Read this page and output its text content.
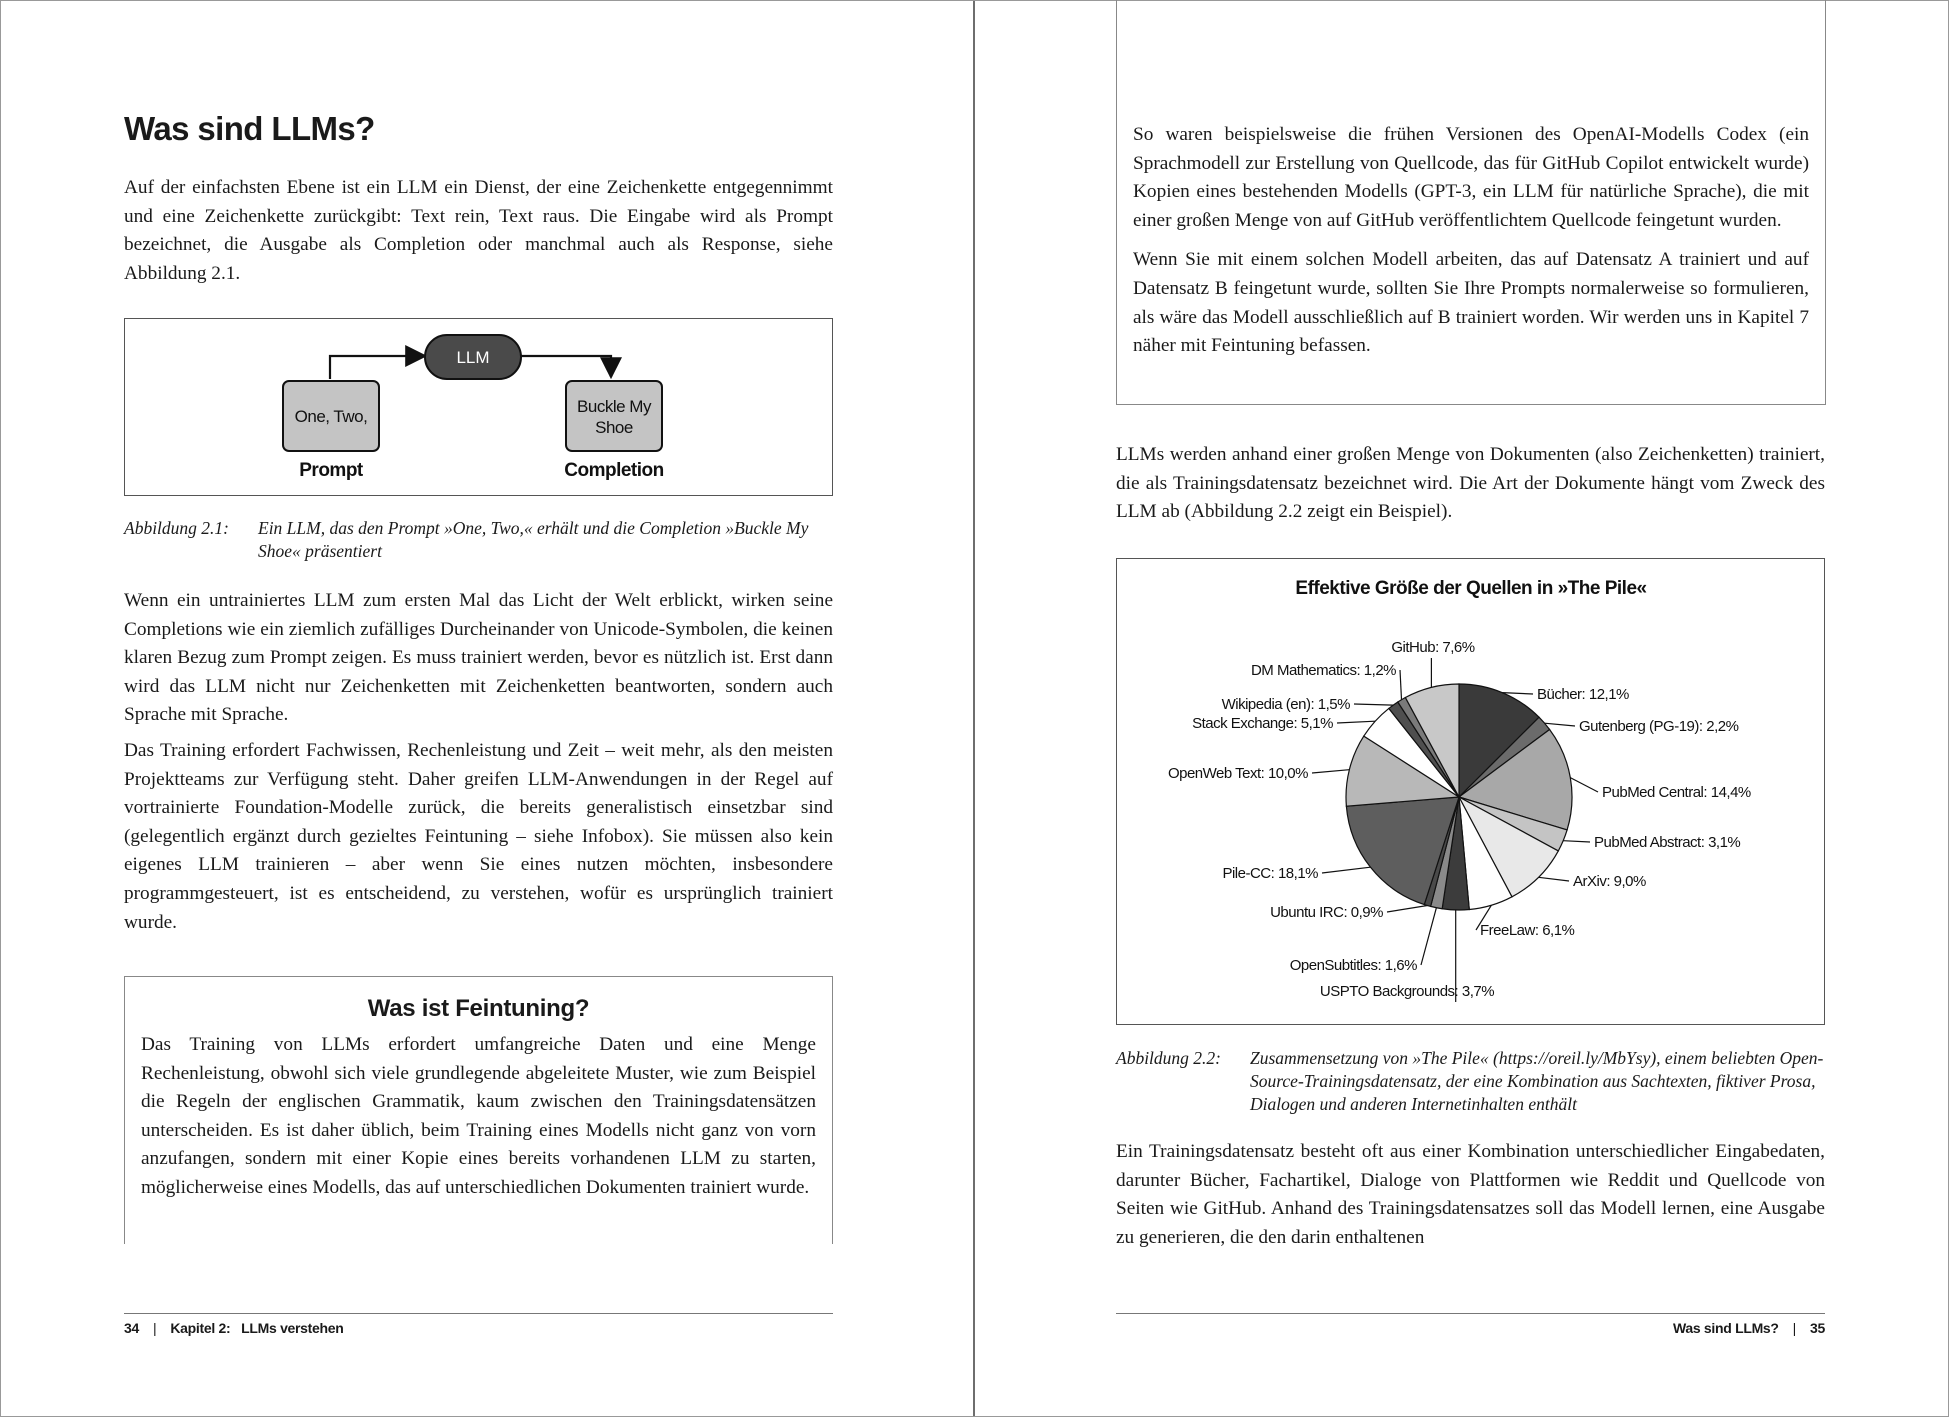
Was sind LLMs?

Auf der einfachsten Ebene ist ein LLM ein Dienst, der eine Zeichenkette entgegennimmt und eine Zeichenkette zurückgibt: Text rein, Text raus. Die Eingabe wird als Prompt bezeichnet, die Ausgabe als Completion oder manchmal auch als Response, siehe Abbildung 2.1.

LLM
One, Two,
Buckle My
Shoe
Prompt	Completion
Abbildung 2.1: Ein LLM, das den Prompt »One, Two,« erhält und die Completion »Buckle My Shoe« präsentiert

Wenn ein untrainiertes LLM zum ersten Mal das Licht der Welt erblickt, wirken seine Completions wie ein ziemlich zufälliges Durcheinander von Unicode-Symbolen, die keinen klaren Bezug zum Prompt zeigen. Es muss trainiert werden, bevor es nützlich ist. Erst dann wird das LLM nicht nur Zeichenketten mit Zeichenketten beantworten, sondern auch Sprache mit Sprache.

Das Training erfordert Fachwissen, Rechenleistung und Zeit – weit mehr, als den meisten Projektteams zur Verfügung steht. Daher greifen LLM-Anwendungen in der Regel auf vortrainierte Foundation-Modelle zurück, die bereits generalistisch einsetzbar sind (gelegentlich ergänzt durch gezieltes Feintuning – siehe Infobox). Sie müssen also kein eigenes LLM trainieren – aber wenn Sie eines nutzen möchten, insbesondere programmgesteuert, ist es entscheidend, zu verstehen, wofür es ursprünglich trainiert wurde.

Was ist Feintuning?

Das Training von LLMs erfordert umfangreiche Daten und eine Menge Rechenleistung, obwohl sich viele grundlegende abgeleitete Muster, wie zum Beispiel die Regeln der englischen Grammatik, kaum zwischen den Trainingsdatensätzen unterscheiden. Es ist daher üblich, beim Training eines Modells nicht ganz von vorn anzufangen, sondern mit einer Kopie eines bereits vorhandenen LLM zu starten, möglicherweise eines Modells, das auf unterschiedlichen Dokumenten trainiert wurde.

34 | Kapitel 2: LLMs verstehen

So waren beispielsweise die frühen Versionen des OpenAI-Modells Codex (ein Sprachmodell zur Erstellung von Quellcode, das für GitHub Copilot entwickelt wurde) Kopien eines bestehenden Modells (GPT-3, ein LLM für natürliche Sprache), die mit einer großen Menge von auf GitHub veröffentlichtem Quellcode feingetunt wurden.

Wenn Sie mit einem solchen Modell arbeiten, das auf Datensatz A trainiert und auf Datensatz B feingetunt wurde, sollten Sie Ihre Prompts normalerweise so formulieren, als wäre das Modell ausschließlich auf B trainiert worden. Wir werden uns in Kapitel 7 näher mit Feintuning befassen.

LLMs werden anhand einer großen Menge von Dokumenten (also Zeichenketten) trainiert, die als Trainingsdatensatz bezeichnet wird. Die Art der Dokumente hängt vom Zweck des LLM ab (Abbildung 2.2 zeigt ein Beispiel).

Effektive Größe der Quellen in »The Pile«
Bücher: 12,1%
Gutenberg (PG-19): 2,2%
PubMed Central: 14,4%
PubMed Abstract: 3,1%
ArXiv: 9,0%
FreeLaw: 6,1%
USPTO Backgrounds: 3,7%
OpenSubtitles: 1,6%
Ubuntu IRC: 0,9%
Pile-CC: 18,1%
OpenWeb Text: 10,0%
Stack Exchange: 5,1%
Wikipedia (en): 1,5%
DM Mathematics: 1,2%
GitHub: 7,6%
Abbildung 2.2: Zusammensetzung von »The Pile« (https://oreil.ly/MbYsy), einem beliebten Open-Source-Trainingsdatensatz, der eine Kombination aus Sachtexten, fiktiver Prosa, Dialogen und anderen Internetinhalten enthält

Ein Trainingsdatensatz besteht oft aus einer Kombination unterschiedlicher Eingabedaten, darunter Bücher, Fachartikel, Dialoge von Plattformen wie Reddit und Quellcode von Seiten wie GitHub. Anhand des Trainingsdatensatzes soll das Modell lernen, eine Ausgabe zu generieren, die den darin enthaltenen

Was sind LLMs? | 35
